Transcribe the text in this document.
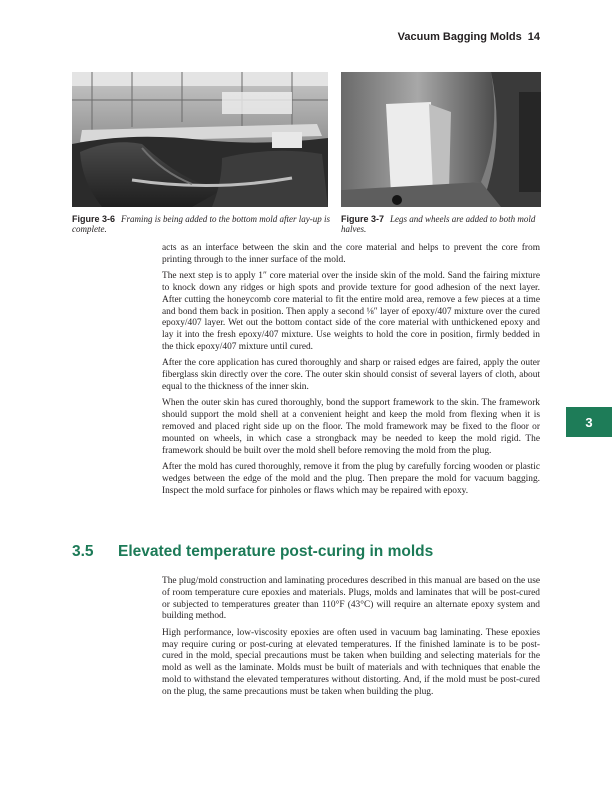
Vacuum Bagging Molds 14
Figure 3-6 Framing is being added to the bottom mold after lay-up is complete.
Figure 3-7 Legs and wheels are added to both mold halves.

acts as an interface between the skin and the core material and helps to prevent the core from printing through to the inner surface of the mold.

The next step is to apply 1″ core material over the inside skin of the mold. Sand the fairing mixture to knock down any ridges or high spots and provide texture for good adhesion of the next layer. After cutting the honeycomb core material to fit the entire mold area, remove a few pieces at a time and bond them back in position. Then apply a second ⅛″ layer of epoxy/407 mixture over the cured epoxy/407 layer. Wet out the bottom contact side of the core material with unthickened epoxy and lay it into the fresh epoxy/407 mixture. Use weights to hold the core in position, firmly bedded in the thick epoxy/407 mixture until cured.

After the core application has cured thoroughly and sharp or raised edges are faired, apply the outer fiberglass skin directly over the core. The outer skin should consist of several layers of cloth, about equal to the thickness of the inner skin.

When the outer skin has cured thoroughly, bond the support framework to the skin. The framework should support the mold shell at a convenient height and keep the mold from flexing when it is removed and placed right side up on the floor. The mold framework may be fixed to the floor or mounted on wheels, in which case a strongback may be needed to keep the mold rigid. The framework should be built over the mold shell before removing the mold from the plug.

After the mold has cured thoroughly, remove it from the plug by carefully forcing wooden or plastic wedges between the edge of the mold and the plug. Then prepare the mold for vacuum bagging. Inspect the mold surface for pinholes or flaws which may be repaired with epoxy.

3.5 Elevated temperature post-curing in molds

The plug/mold construction and laminating procedures described in this manual are based on the use of room temperature cure epoxies and materials. Plugs, molds and laminates that will be post-cured or subjected to temperatures greater than 110°F (43°C) will require an alternate epoxy system and building method.

High performance, low-viscosity epoxies are often used in vacuum bag laminating. These epoxies may require curing or post-curing at elevated temperatures. If the finished laminate is to be post-cured in the mold, special precautions must be taken when building and selecting materials for the mold as well as the laminate. Molds must be built of materials and with techniques that enable the mold to withstand the elevated temperatures without distorting. And, if the mold must be post-cured on the plug, the same precautions must be taken when building the plug.

3
